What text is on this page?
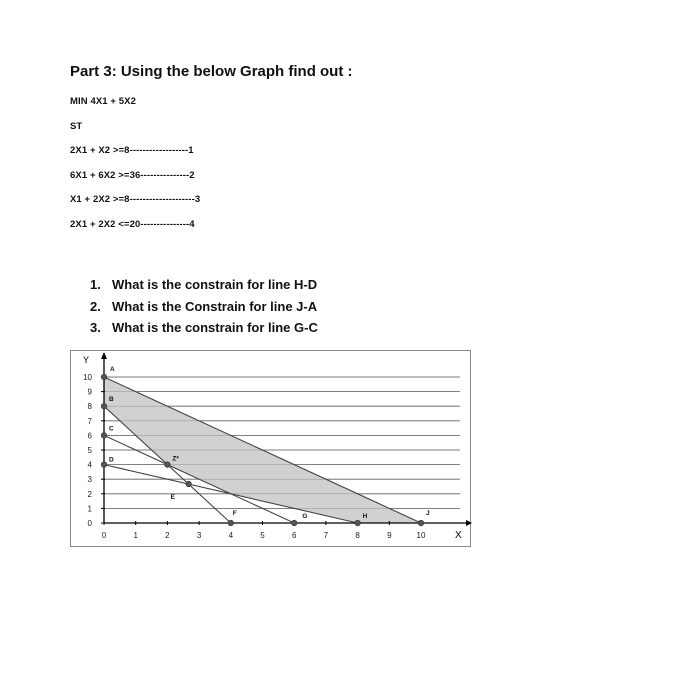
Part 3: Using the below Graph find out :
MIN 4X1 + 5X2
ST
2X1 + X2 >=8------------------1
6X1 + 6X2 >=36---------------2
X1 + 2X2 >=8--------------------3
2X1 + 2X2 <=20---------------4
1. What is the constrain for line H-D
2. What is the Constrain for line J-A
3. What is the constrain for line G-C
0	1	2	3	4	5	6	7	8	9	10
0
1
2
3
4
5
6
7
8
9
10
X
Y
A
B
C
D	Z*
E
F	G	H	J
